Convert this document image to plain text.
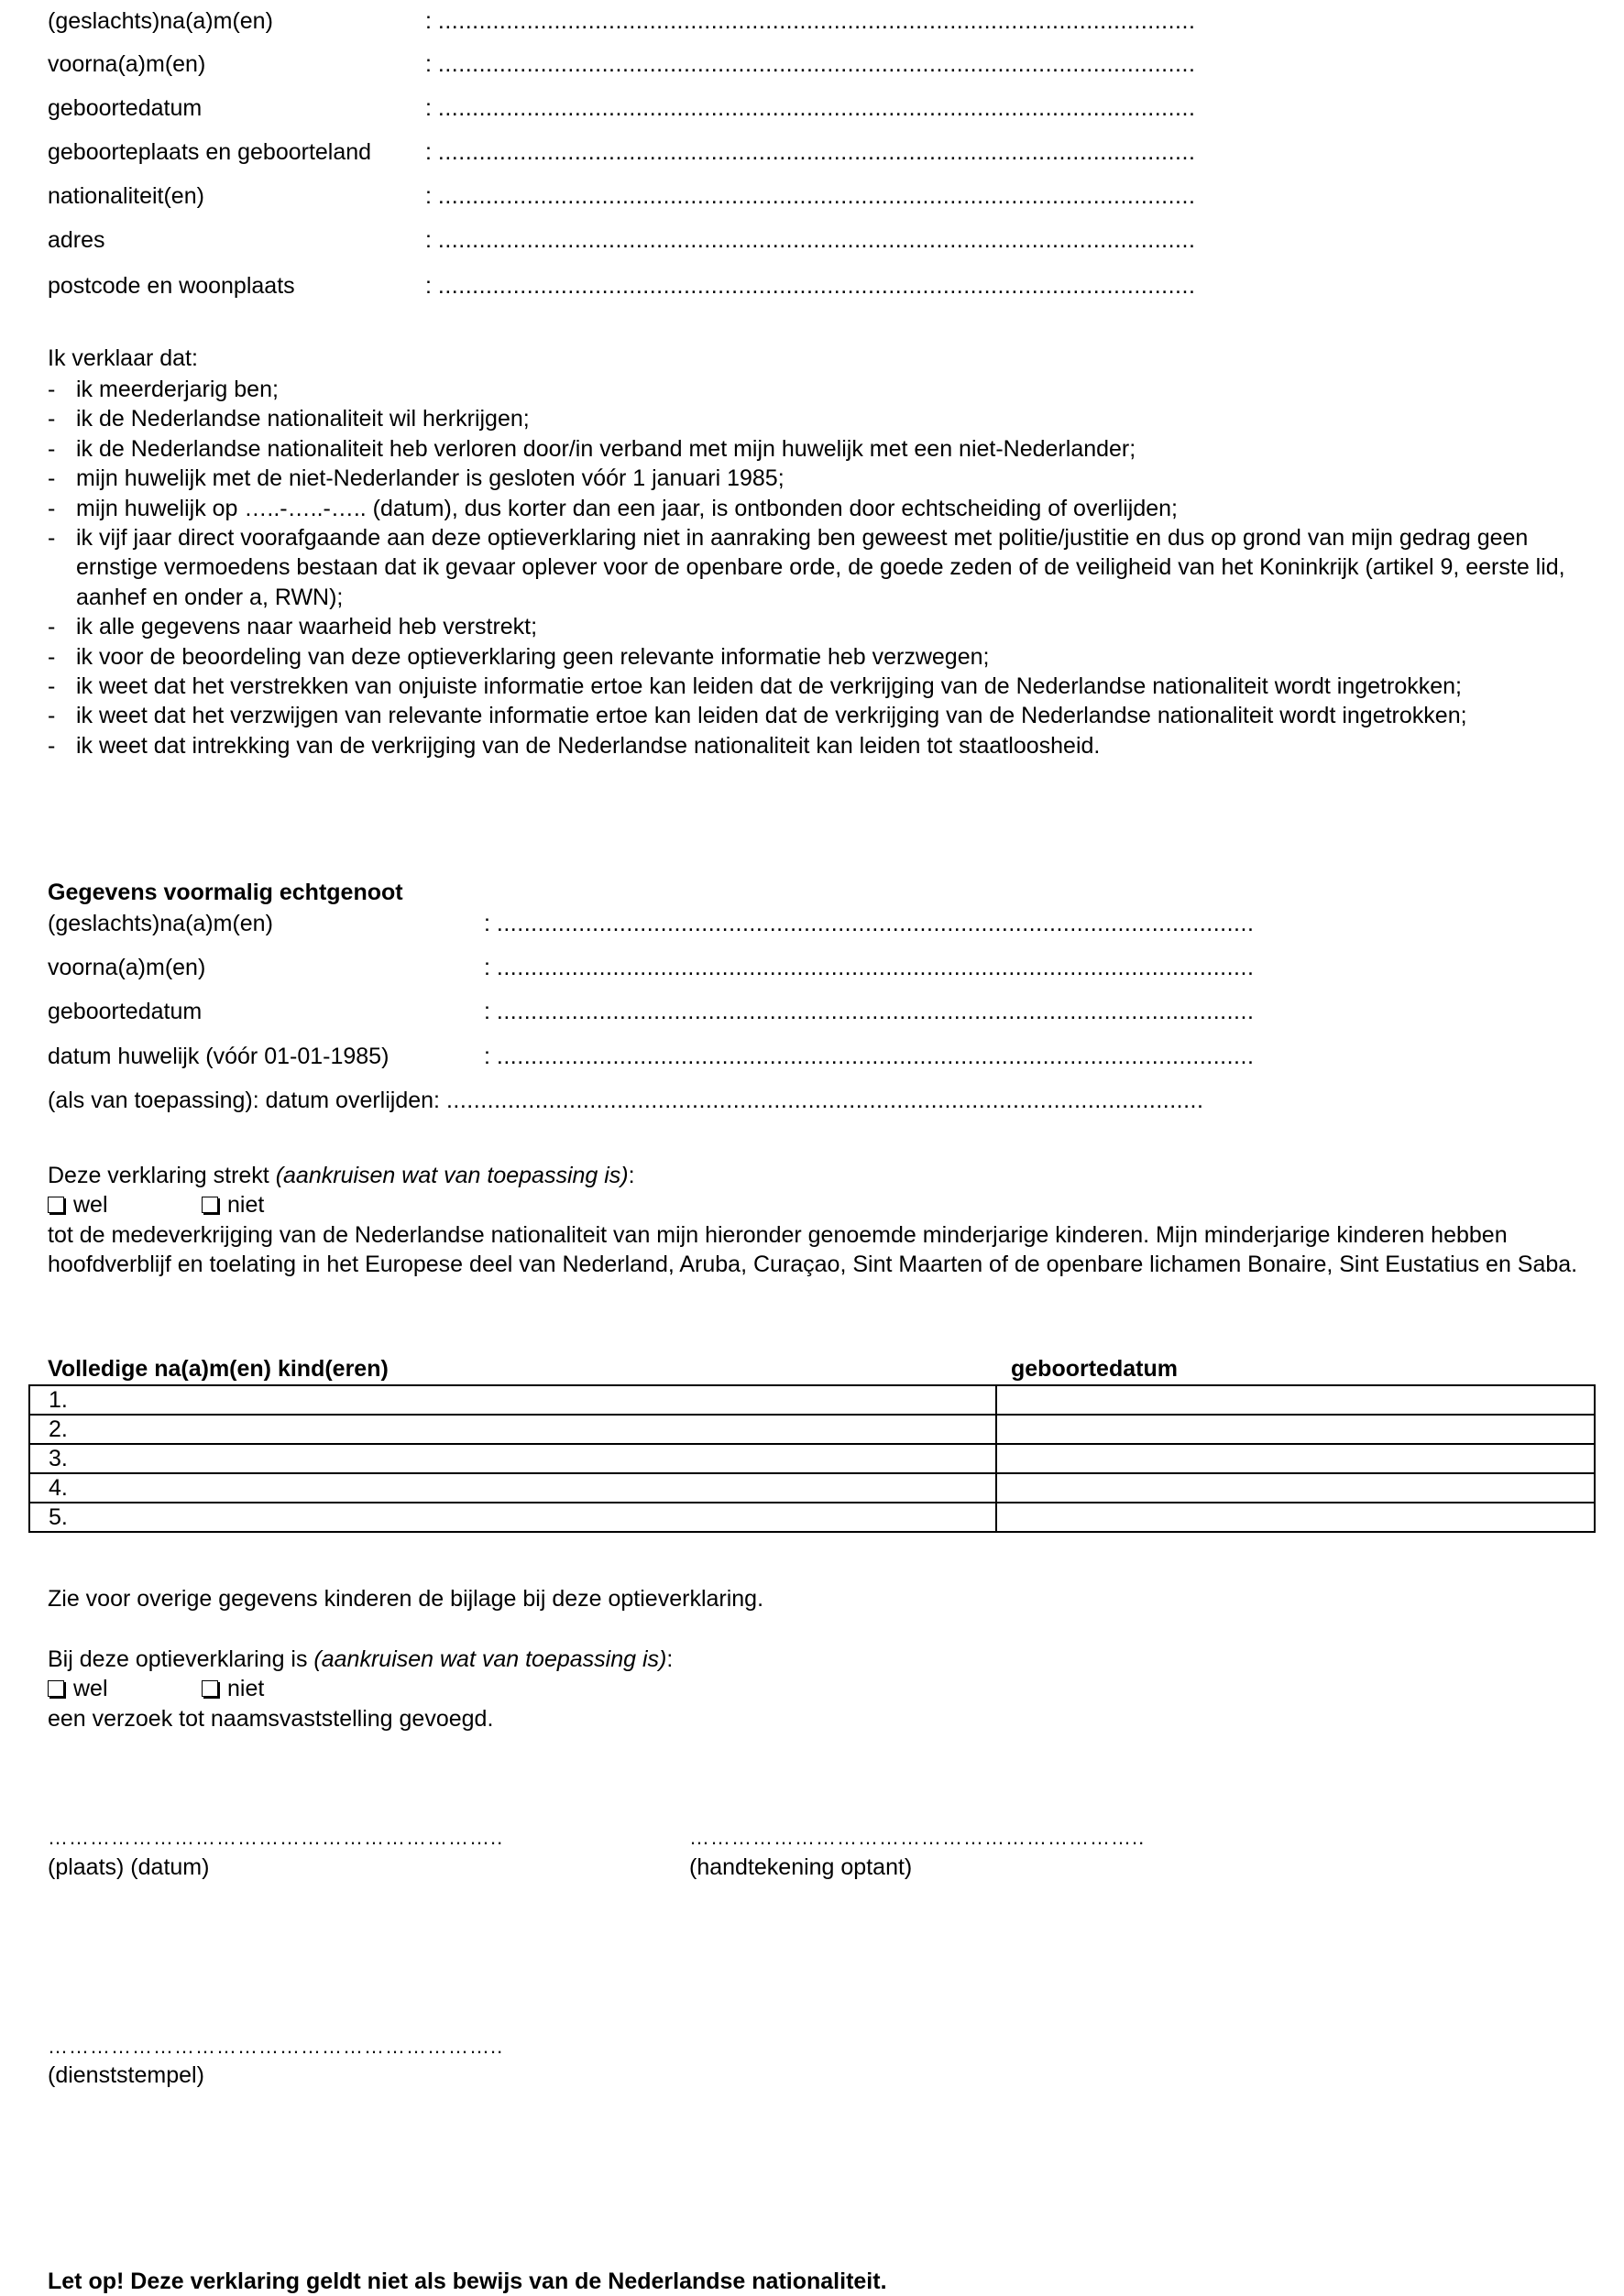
(geslachts)na(a)m(en)	: ...............................................................................................................
voorna(a)m(en)	: ...............................................................................................................
geboortedatum	: ...............................................................................................................
geboorteplaats en geboorteland : ...............................................................................................................
nationaliteit(en)	: ...............................................................................................................
adres	: ...............................................................................................................
postcode en woonplaats	: ...............................................................................................................
Ik verklaar dat:
- ik meerderjarig ben;
- ik de Nederlandse nationaliteit wil herkrijgen;
- ik de Nederlandse nationaliteit heb verloren door/in verband met mijn huwelijk met een niet-Nederlander;
- mijn huwelijk met de niet-Nederlander is gesloten vóór 1 januari 1985;
- mijn huwelijk op …..-…..-….. (datum), dus korter dan een jaar, is ontbonden door echtscheiding of overlijden;
- ik vijf jaar direct voorafgaande aan deze optieverklaring niet in aanraking ben geweest met politie/justitie en dus op grond van mijn gedrag geen ernstige vermoedens bestaan dat ik gevaar oplever voor de openbare orde, de goede zeden of de veiligheid van het Koninkrijk (artikel 9, eerste lid, aanhef en onder a, RWN);
- ik alle gegevens naar waarheid heb verstrekt;
- ik voor de beoordeling van deze optieverklaring geen relevante informatie heb verzwegen;
- ik weet dat het verstrekken van onjuiste informatie ertoe kan leiden dat de verkrijging van de Nederlandse nationaliteit wordt ingetrokken;
- ik weet dat het verzwijgen van relevante informatie ertoe kan leiden dat de verkrijging van de Nederlandse nationaliteit wordt ingetrokken;
- ik weet dat intrekking van de verkrijging van de Nederlandse nationaliteit kan leiden tot staatloosheid.
Gegevens voormalig echtgenoot
(geslachts)na(a)m(en)	: ...............................................................................................................
voorna(a)m(en)	: ...............................................................................................................
geboortedatum	: ...............................................................................................................
datum huwelijk (vóór 01-01-1985)	: ...............................................................................................................
(als van toepassing): datum overlijden: ...............................................................................................................
Deze verklaring strekt (aankruisen wat van toepassing is):
wel	niet
tot de medeverkrijging van de Nederlandse nationaliteit van mijn hieronder genoemde minderjarige kinderen. Mijn minderjarige kinderen hebben hoofdverblijf en toelating in het Europese deel van Nederland, Aruba, Curaçao, Sint Maarten of de openbare lichamen Bonaire, Sint Eustatius en Saba.
Volledige na(a)m(en) kind(eren)	geboortedatum
1.	
2.	
3.	
4.	
5.	
Zie voor overige gegevens kinderen de bijlage bij deze optieverklaring.
Bij deze optieverklaring is (aankruisen wat van toepassing is):
wel	niet
een verzoek tot naamsvaststelling gevoegd.
………………………………………………………..
(plaats) (datum)
………………………………………………………..
(handtekening optant)
………………………………………………………..
(dienststempel)
Let op! Deze verklaring geldt niet als bewijs van de Nederlandse nationaliteit.
